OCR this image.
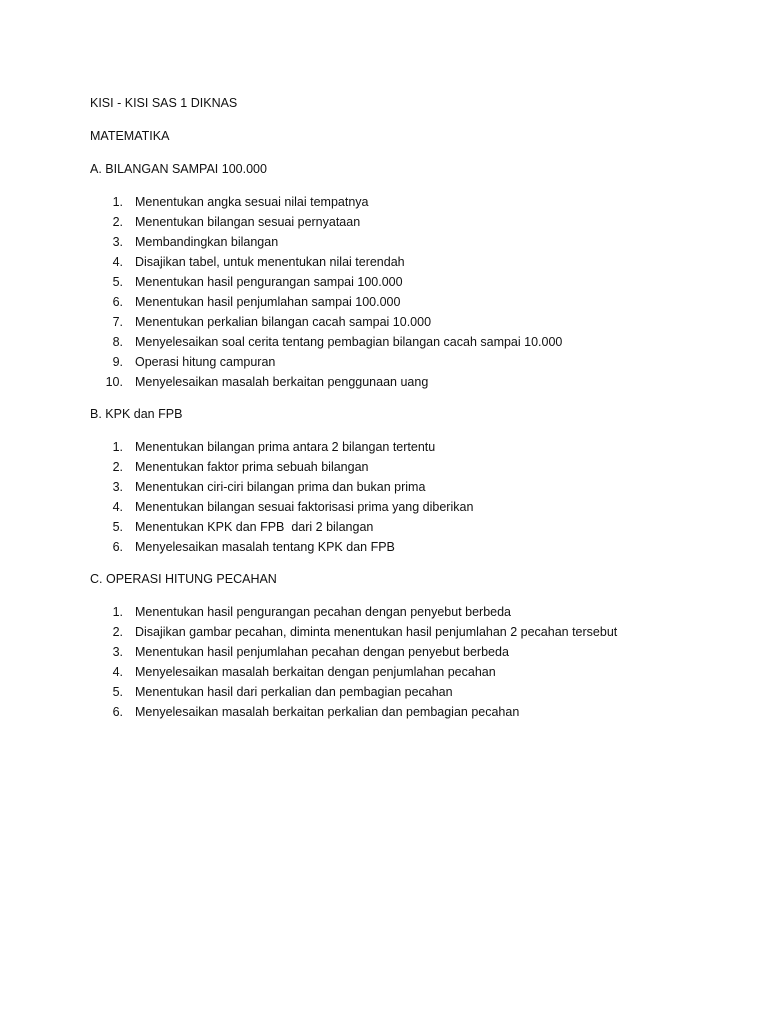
KISI - KISI SAS 1 DIKNAS

MATEMATIKA

A. BILANGAN SAMPAI 100.000

1. Menentukan angka sesuai nilai tempatnya
2. Menentukan bilangan sesuai pernyataan
3. Membandingkan bilangan
4. Disajikan tabel, untuk menentukan nilai terendah
5. Menentukan hasil pengurangan sampai 100.000
6. Menentukan hasil penjumlahan sampai 100.000
7. Menentukan perkalian bilangan cacah sampai 10.000
8. Menyelesaikan soal cerita tentang pembagian bilangan cacah sampai 10.000
9. Operasi hitung campuran
10. Menyelesaikan masalah berkaitan penggunaan uang

B. KPK dan FPB

1. Menentukan bilangan prima antara 2 bilangan tertentu
2. Menentukan faktor prima sebuah bilangan
3. Menentukan ciri-ciri bilangan prima dan bukan prima
4. Menentukan bilangan sesuai faktorisasi prima yang diberikan
5. Menentukan KPK dan FPB  dari 2 bilangan
6. Menyelesaikan masalah tentang KPK dan FPB

C. OPERASI HITUNG PECAHAN

1. Menentukan hasil pengurangan pecahan dengan penyebut berbeda
2. Disajikan gambar pecahan, diminta menentukan hasil penjumlahan 2 pecahan tersebut
3. Menentukan hasil penjumlahan pecahan dengan penyebut berbeda
4. Menyelesaikan masalah berkaitan dengan penjumlahan pecahan
5. Menentukan hasil dari perkalian dan pembagian pecahan
6. Menyelesaikan masalah berkaitan perkalian dan pembagian pecahan
